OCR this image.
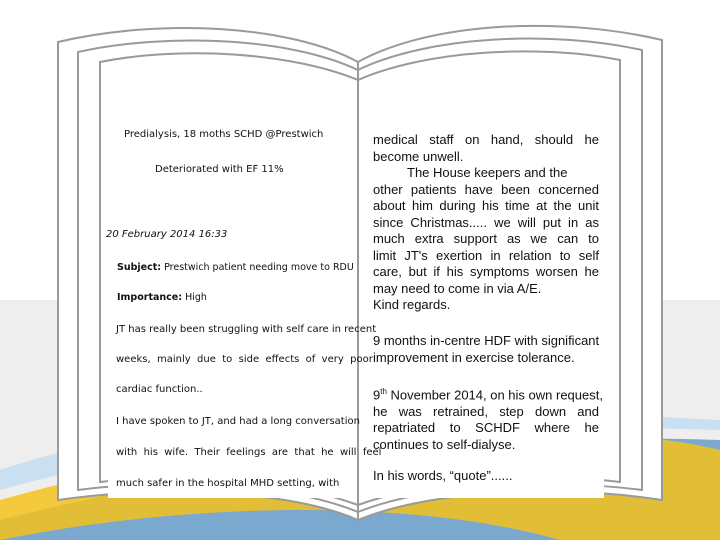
Predialysis, 18 moths SCHD @Prestwich

Deteriorated with EF 11%

20 February 2014 16:33

Subject: Prestwich patient needing move to RDU

Importance: High

JT has really been struggling with self care in recent

weeks,  mainly  due  to  side  effects  of  very  poor

cardiac function..

I have spoken to JT, and had a long conversation

with  his  wife.  Their  feelings  are  that  he  will  feel

much safer in the hospital MHD setting, with

medical staff on hand, should he
become unwell.
The House keepers and the
other patients have been concerned
about him during his time at the unit
since Christmas..... we will put in as
much extra support as we can to
limit JT's exertion in relation to self
care, but if his symptoms worsen he
may need to come in via A/E.
Kind regards.
9 months in-centre HDF with significant
improvement in exercise tolerance.
9th November 2014, on his own request,
he was retrained, step down and
repatriated to SCHDF where he
continues to self-dialyse.

In his words, “quote”......
